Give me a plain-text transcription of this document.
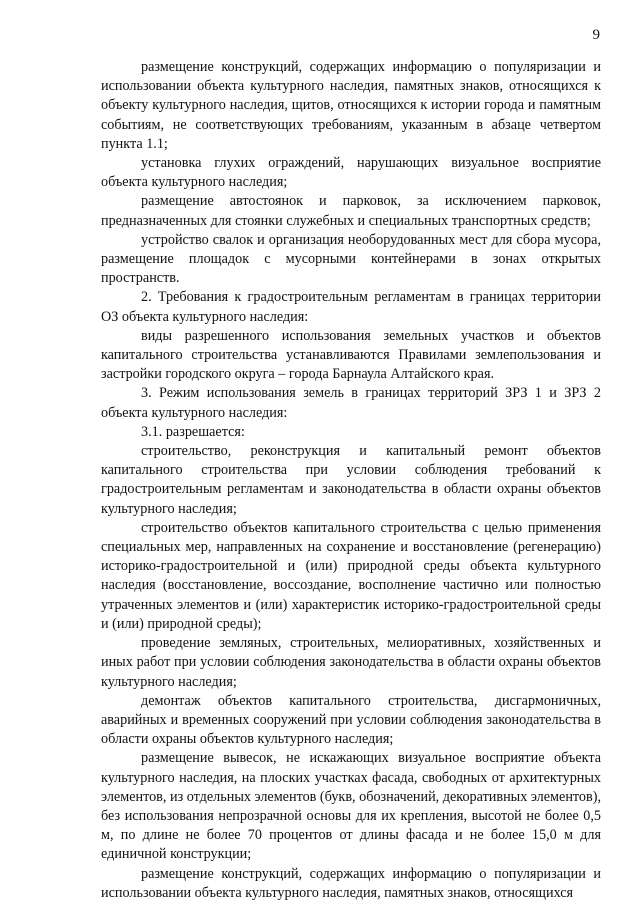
9

размещение конструкций, содержащих информацию о популяризации и использовании объекта культурного наследия, памятных знаков, относящихся к объекту культурного наследия, щитов, относящихся к истории города и памятным событиям, не соответствующих требованиям, указанным в абзаце четвертом пункта 1.1;

установка глухих ограждений, нарушающих визуальное восприятие объекта культурного наследия;

размещение автостоянок и парковок, за исключением парковок, предназначенных для стоянки служебных и специальных транспортных средств;

устройство свалок и организация необорудованных мест для сбора мусора, размещение площадок с мусорными контейнерами в зонах открытых пространств.

2. Требования к градостроительным регламентам в границах территории ОЗ объекта культурного наследия:

виды разрешенного использования земельных участков и объектов капитального строительства устанавливаются Правилами землепользования и застройки городского округа – города Барнаула Алтайского края.

3. Режим использования земель в границах территорий ЗРЗ 1 и ЗРЗ 2 объекта культурного наследия:

3.1. разрешается:

строительство, реконструкция и капитальный ремонт объектов капитального строительства при условии соблюдения требований к градостроительным регламентам и законодательства в области охраны объектов культурного наследия;

строительство объектов капитального строительства с целью применения специальных мер, направленных на сохранение и восстановление (регенерацию) историко-градостроительной и (или) природной среды объекта культурного наследия (восстановление, воссоздание, восполнение частично или полностью утраченных элементов и (или) характеристик историко-градостроительной среды и (или) природной среды);

проведение земляных, строительных, мелиоративных, хозяйственных и иных работ при условии соблюдения законодательства в области охраны объектов культурного наследия;

демонтаж объектов капитального строительства, дисгармоничных, аварийных и временных сооружений при условии соблюдения законодательства в области охраны объектов культурного наследия;

размещение вывесок, не искажающих визуальное восприятие объекта культурного наследия, на плоских участках фасада, свободных от архитектурных элементов, из отдельных элементов (букв, обозначений, декоративных элементов), без использования непрозрачной основы для их крепления, высотой не более 0,5 м, по длине не более 70 процентов от длины фасада и не более 15,0 м для единичной конструкции;

размещение конструкций, содержащих информацию о популяризации и использовании объекта культурного наследия, памятных знаков, относящихся
